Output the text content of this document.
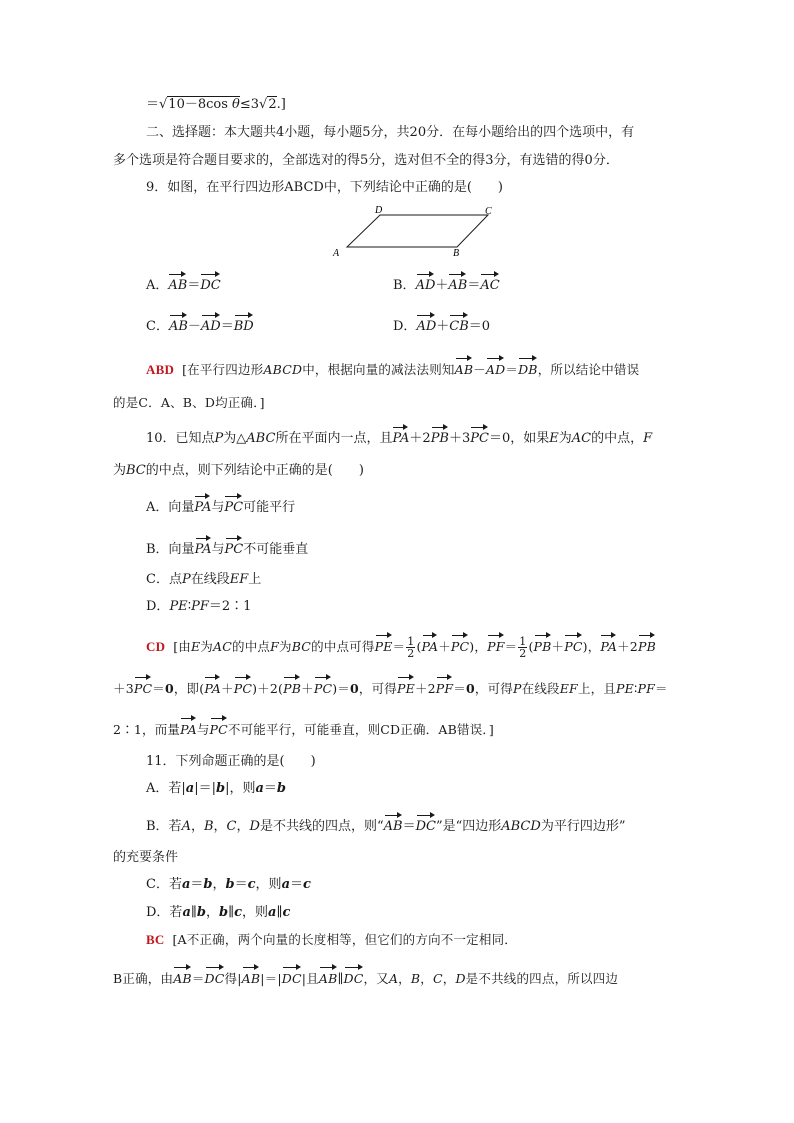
＝√10－8cos θ≤3√2.]
二、选择题：本大题共4小题，每小题5分，共20分．在每小题给出的四个选项中，有
多个选项是符合题目要求的，全部选对的得5分，选对但不全的得3分，有选错的得0分．
9．如图，在平行四边形ABCD中，下列结论中正确的是(　　)
D	C
A	B
A．AB＝DC	B．AD＋AB＝AC
C．AB－AD＝BD	D．AD＋CB＝0
ABD [在平行四边形ABCD中，根据向量的减法法则知AB－AD＝DB，所以结论中错误
的是C．A、B、D均正确．]
10．已知点P为△ABC所在平面内一点，且PA＋2PB＋3PC＝0，如果E为AC的中点，F
为BC的中点，则下列结论中正确的是(　　)
A．向量PA与PC可能平行
B．向量PA与PC不可能垂直
C．点P在线段EF上
D．PE∶PF＝2∶1
CD [由E为AC的中点F为BC的中点可得$PE= \frac{1}{2} (PA+PC)$，$PF= \frac{1}{2} (PB+PC)$，PA＋2PB
＋3PC＝0，即(PA＋PC)＋2(PB＋PC)＝0，可得PE＋2PF＝0，可得P在线段EF上，且PE∶PF＝
2∶1，而量PA与PC不可能平行，可能垂直，则CD正确．AB错误．]
11．下列命题正确的是(　　)
A．若|a|＝|b|，则a＝b
B．若A，B，C，D是不共线的四点，则“AB＝DC”是“四边形ABCD为平行四边形”
的充要条件
C．若a＝b，b＝c，则a＝c
D．若a∥b，b∥c，则a∥c
BC [A不正确，两个向量的长度相等，但它们的方向不一定相同．
B正确，由AB＝DC得|AB|＝|DC|且AB∥DC，又A，B，C，D是不共线的四点，所以四边
